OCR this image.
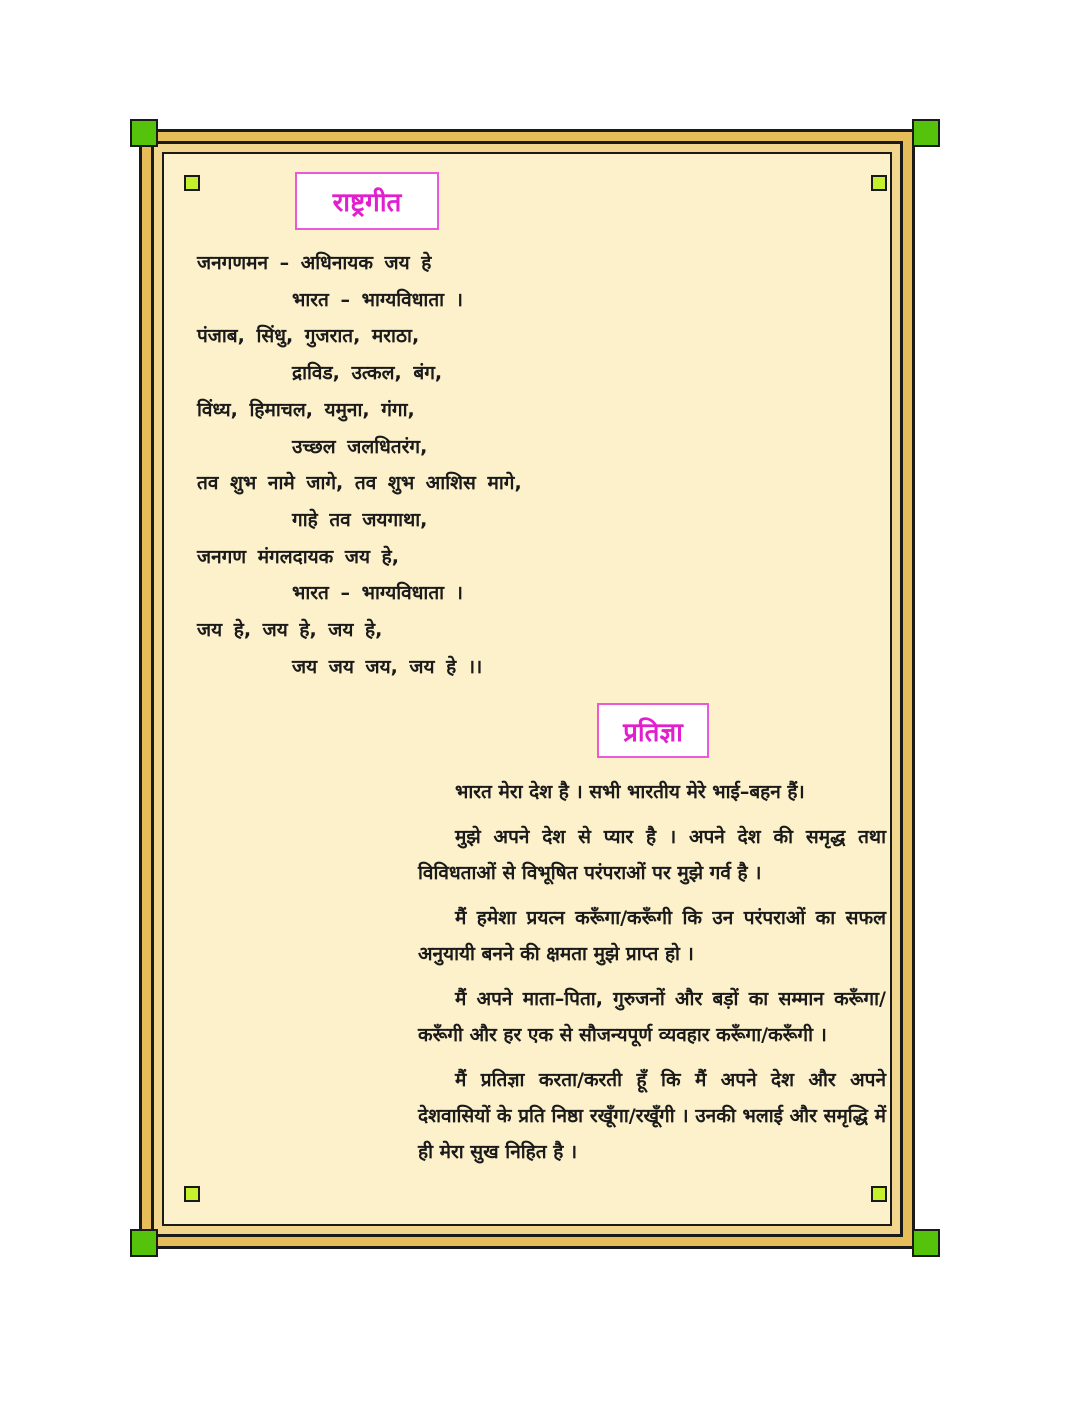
राष्ट्रगीत
जनगणमन – अधिनायक जय हे
भारत – भाग्यविधाता ।
पंजाब, सिंधु, गुजरात, मराठा,
द्राविड, उत्कल, बंग,
विंध्य, हिमाचल, यमुना, गंगा,
उच्छल जलधितरंग,
तव शुभ नामे जागे, तव शुभ आशिस मागे,
गाहे तव जयगाथा,
जनगण मंगलदायक जय हे,
भारत – भाग्यविधाता ।
जय हे, जय हे, जय हे,
जय जय जय, जय हे ।।
प्रतिज्ञा

भारत मेरा देश है । सभी भारतीय मेरे भाई–बहन हैं।

मुझे अपने देश से प्यार है । अपने देश की समृद्ध तथा विविधताओं से विभूषित परंपराओं पर मुझे गर्व है ।

मैं हमेशा प्रयत्न करूँगा/करूँगी कि उन परंपराओं का सफल अनुयायी बनने की क्षमता मुझे प्राप्त हो ।

मैं अपने माता–पिता, गुरुजनों और बड़ों का सम्मान करूँगा/करूँगी और हर एक से सौजन्यपूर्ण व्यवहार करूँगा/करूँगी ।

मैं प्रतिज्ञा करता/करती हूँ कि मैं अपने देश और अपने देशवासियों के प्रति निष्ठा रखूँगा/रखूँगी । उनकी भलाई और समृद्धि में ही मेरा सुख निहित है ।
